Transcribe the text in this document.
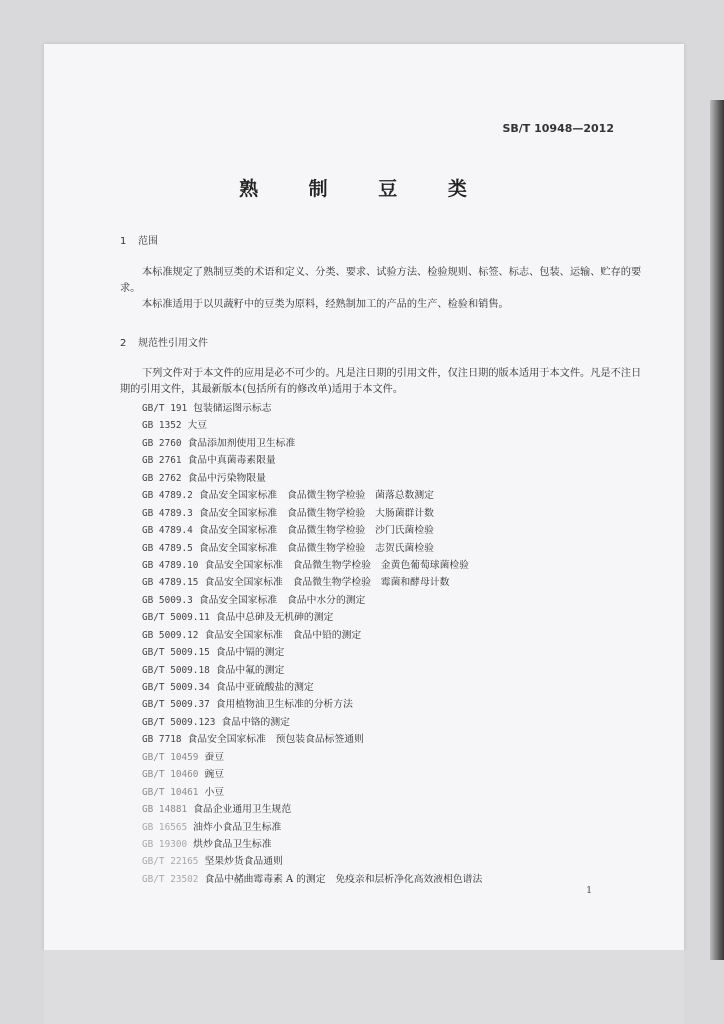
SB/T 10948—2012
熟 制 豆 类
1 范围
本标准规定了熟制豆类的术语和定义、分类、要求、试验方法、检验规则、标签、标志、包装、运输、贮存的要求。
本标准适用于以贝蔬籽中的豆类为原料，经熟制加工的产品的生产、检验和销售。
2 规范性引用文件
下列文件对于本文件的应用是必不可少的。凡是注日期的引用文件，仅注日期的版本适用于本文件。凡是不注日期的引用文件，其最新版本(包括所有的修改单)适用于本文件。
GB/T 191 包装储运图示标志
GB 1352 大豆
GB 2760 食品添加剂使用卫生标准
GB 2761 食品中真菌毒素限量
GB 2762 食品中污染物限量
GB 4789.2 食品安全国家标准　食品微生物学检验　菌落总数测定
GB 4789.3 食品安全国家标准　食品微生物学检验　大肠菌群计数
GB 4789.4 食品安全国家标准　食品微生物学检验　沙门氏菌检验
GB 4789.5 食品安全国家标准　食品微生物学检验　志贺氏菌检验
GB 4789.10 食品安全国家标准　食品微生物学检验　金黄色葡萄球菌检验
GB 4789.15 食品安全国家标准　食品微生物学检验　霉菌和酵母计数
GB 5009.3 食品安全国家标准　食品中水分的测定
GB/T 5009.11 食品中总砷及无机砷的测定
GB 5009.12 食品安全国家标准　食品中铅的测定
GB/T 5009.15 食品中镉的测定
GB/T 5009.18 食品中氟的测定
GB/T 5009.34 食品中亚硫酸盐的测定
GB/T 5009.37 食用植物油卫生标准的分析方法
GB/T 5009.123 食品中铬的测定
GB 7718 食品安全国家标准　预包装食品标签通则
GB/T 10459 蚕豆
GB/T 10460 豌豆
GB/T 10461 小豆
GB 14881 食品企业通用卫生规范
GB 16565 油炸小食品卫生标准
GB 19300 烘炒食品卫生标准
GB/T 22165 坚果炒货食品通则
GB/T 23502 食品中赭曲霉毒素 A 的测定　免疫亲和层析净化高效液相色谱法
1
